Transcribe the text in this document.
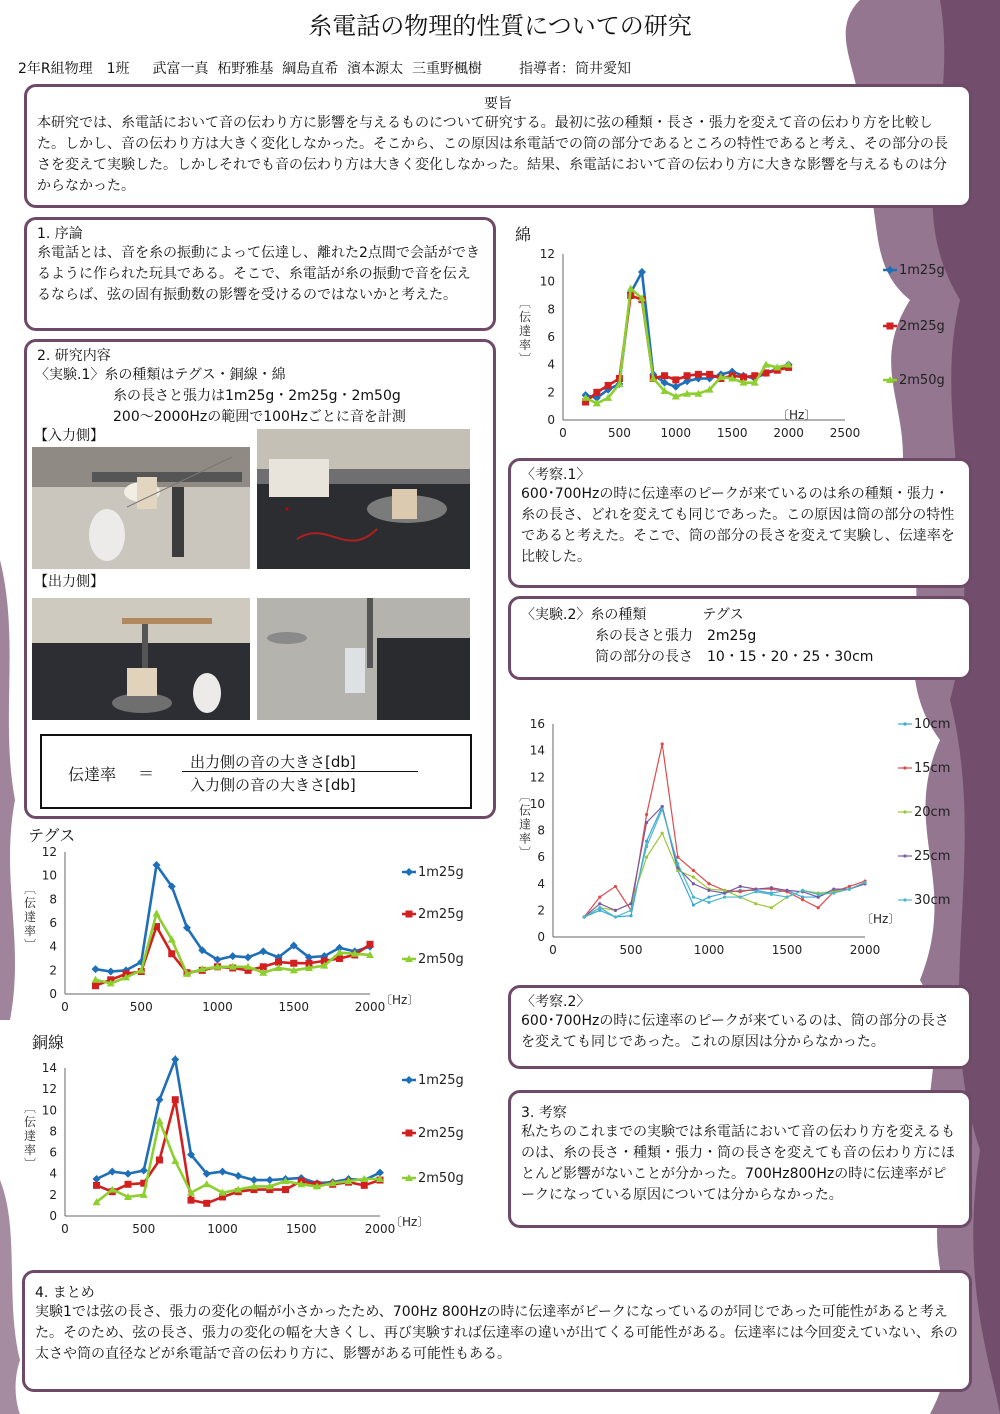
糸電話の物理的性質についての研究
2年R組物理　1班　  武富一真  柘野雅基  綱島直希  濱本源太  三重野楓樹　　  指導者：筒井愛知
要旨
本研究では、糸電話において音の伝わり方に影響を与えるものについて研究する。最初に弦の種類・長さ・張力を変えて音の伝わり方を比較した。しかし、音の伝わり方は大きく変化しなかった。そこから、この原因は糸電話での筒の部分であるところの特性であると考え、その部分の長さを変えて実験した。しかしそれでも音の伝わり方は大きく変化しなかった。結果、糸電話において音の伝わり方に大きな影響を与えるものは分からなかった。
1. 序論
糸電話とは、音を糸の振動によって伝達し、離れた2点間で会話ができるように作られた玩具である。そこで、糸電話が糸の振動で音を伝えるならば、弦の固有振動数の影響を受けるのではないかと考えた。
2. 研究内容
〈実験.1〉糸の種類はテグス・銅線・綿
糸の長さと張力は1m25g・2m25g・2m50g
200～2000Hzの範囲で100Hzごとに音を計測
【入力側】
【出力側】
伝達率 ＝
出力側の音の大きさ[db]
入力側の音の大きさ[db]
綿
0	500 1000 1500 2000 2500
0
2
4
6
8
10
12
︹伝達率︺
〔Hz〕
1m25g
2m25g
2m50g
〈考察.1〉
600･700Hzの時に伝達率のピークが来ているのは糸の種類・張力・糸の長さ、どれを変えても同じであった。この原因は筒の部分の特性であると考えた。そこで、筒の部分の長さを変えて実験し、伝達率を比較した。
〈実験.2〉糸の種類　　　　テグス
糸の長さと張力　2m25g
筒の部分の長さ　10・15・20・25・30cm
0	500	1000	1500	2000
0
2
4
6
8
10
12
14
16
︹伝達率︺
〔Hz〕
10cm
15cm
20cm
25cm
30cm
〈考察.2〉
600･700Hzの時に伝達率のピークが来ているのは、筒の部分の長さを変えても同じであった。これの原因は分からなかった。
3. 考察
私たちのこれまでの実験では糸電話において音の伝わり方を変えるものは、糸の長さ・種類・張力・筒の長さを変えても音の伝わり方にほとんど影響がないことが分かった。700Hz800Hzの時に伝達率がピークになっている原因については分からなかった。
テグス
0	500	1000	1500	2000
0
2
4
6
8
10
12
︹伝達率︺
〔Hz〕
1m25g
2m25g
2m50g
銅線
0	500	1000	1500	2000
0
2
4
6
8
10
12
14
︹伝達率︺
〔Hz〕
1m25g
2m25g
2m50g
4. まとめ
実験1では弦の長さ、張力の変化の幅が小さかったため、700Hz 800Hzの時に伝達率がピークになっているのが同じであった可能性があると考えた。そのため、弦の長さ、張力の変化の幅を大きくし、再び実験すれば伝達率の違いが出てくる可能性がある。伝達率には今回変えていない、糸の太さや筒の直径などが糸電話で音の伝わり方に、影響がある可能性もある。
